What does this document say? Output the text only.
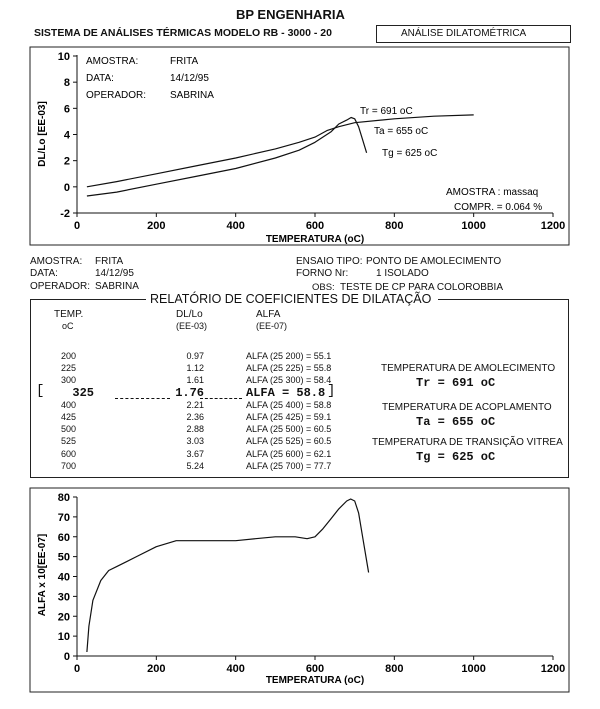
BP ENGENHARIA
SISTEMA DE ANÁLISES TÉRMICAS MODELO RB - 3000 - 20	ANÁLISE DILATOMÉTRICA
0	200	400	600	800	1000	1200
-2
0
2
4
6
8
10
DL/Lo [EE-03]
TEMPERATURA (oC)
AMOSTRA:	FRITA
DATA:	14/12/95
OPERADOR: SABRINA
Tr = 691 oC
Ta = 655 oC
Tg = 625 oC
AMOSTRA : massaq
COMPR. = 0.064 %
AMOSTRA: FRITA
DATA:	14/12/95
OPERADOR: SABRINA
ENSAIO TIPO: PONTO DE AMOLECIMENTO
FORNO Nr:	1 ISOLADO
OBS: TESTE DE CP PARA COLOROBBIA
RELATÓRIO DE COEFICIENTES DE DILATAÇÃO
TEMP.
oC
DL/Lo
(EE-03)
ALFA
(EE-07)
200	0.97	ALFA (25 200) = 55.1
225	1.12	ALFA (25 225) = 55.8
300	1.61	ALFA (25 300) = 58.4
325	1.76	ALFA = 58.8
400	2.21	ALFA (25 400) = 58.8
425	2.36	ALFA (25 425) = 59.1
500	2.88	ALFA (25 500) = 60.5
525	3.03	ALFA (25 525) = 60.5
600	3.67	ALFA (25 600) = 62.1
700	5.24	ALFA (25 700) = 77.7
[	]
TEMPERATURA DE AMOLECIMENTO
Tr = 691 oC
TEMPERATURA DE ACOPLAMENTO
Ta = 655 oC
TEMPERATURA DE TRANSIÇÃO VITREA
Tg = 625 oC
0	200	400	600	800	1000	1200
0
10
20
30
40
50
60
70
80
ALFA x 10[EE-07]
TEMPERATURA (oC)
